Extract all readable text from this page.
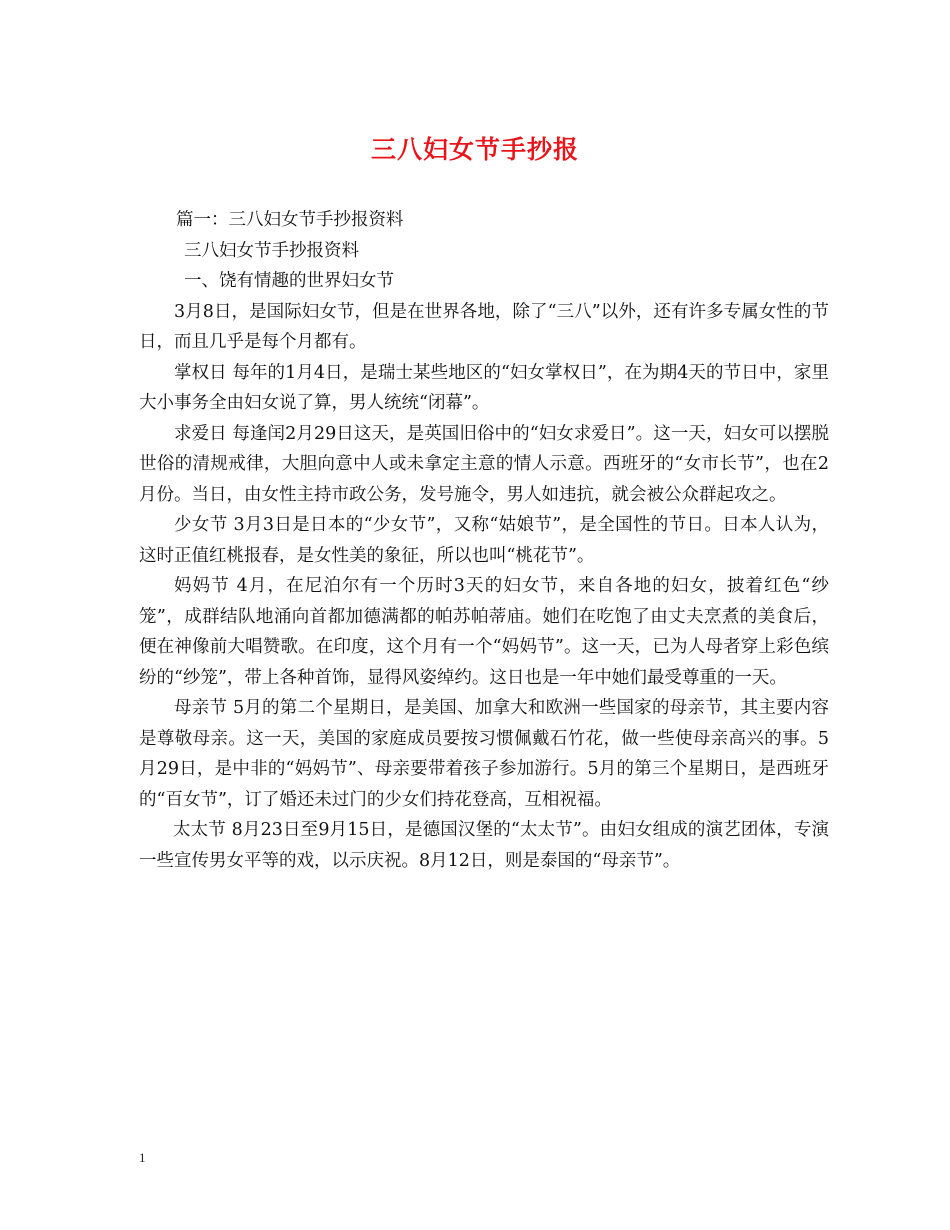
三八妇女节手抄报

篇一：三八妇女节手抄报资料

三八妇女节手抄报资料

一、饶有情趣的世界妇女节

3月8日，是国际妇女节，但是在世界各地，除了“三八”以外，还有许多专属女性的节日，而且几乎是每个月都有。

掌权日 每年的1月4日，是瑞士某些地区的“妇女掌权日”，在为期4天的节日中，家里大小事务全由妇女说了算，男人统统“闭幕”。

求爱日 每逢闰2月29日这天，是英国旧俗中的“妇女求爱日”。这一天，妇女可以摆脱世俗的清规戒律，大胆向意中人或未拿定主意的情人示意。西班牙的“女市长节”，也在2月份。当日，由女性主持市政公务，发号施令，男人如违抗，就会被公众群起攻之。

少女节 3月3日是日本的“少女节”，又称“姑娘节”，是全国性的节日。日本人认为，这时正值红桃报春，是女性美的象征，所以也叫“桃花节”。

妈妈节 4月，在尼泊尔有一个历时3天的妇女节，来自各地的妇女，披着红色“纱笼”，成群结队地涌向首都加德满都的帕苏帕蒂庙。她们在吃饱了由丈夫烹煮的美食后，便在神像前大唱赞歌。在印度，这个月有一个“妈妈节”。这一天，已为人母者穿上彩色缤纷的“纱笼”，带上各种首饰，显得风姿绰约。这日也是一年中她们最受尊重的一天。

母亲节 5月的第二个星期日，是美国、加拿大和欧洲一些国家的母亲节，其主要内容是尊敬母亲。这一天，美国的家庭成员要按习惯佩戴石竹花，做一些使母亲高兴的事。5月29日，是中非的“妈妈节”、母亲要带着孩子参加游行。5月的第三个星期日，是西班牙的“百女节”，订了婚还未过门的少女们持花登高，互相祝福。

太太节 8月23日至9月15日，是德国汉堡的“太太节”。由妇女组成的演艺团体，专演一些宣传男女平等的戏，以示庆祝。8月12日，则是泰国的“母亲节”。

1
